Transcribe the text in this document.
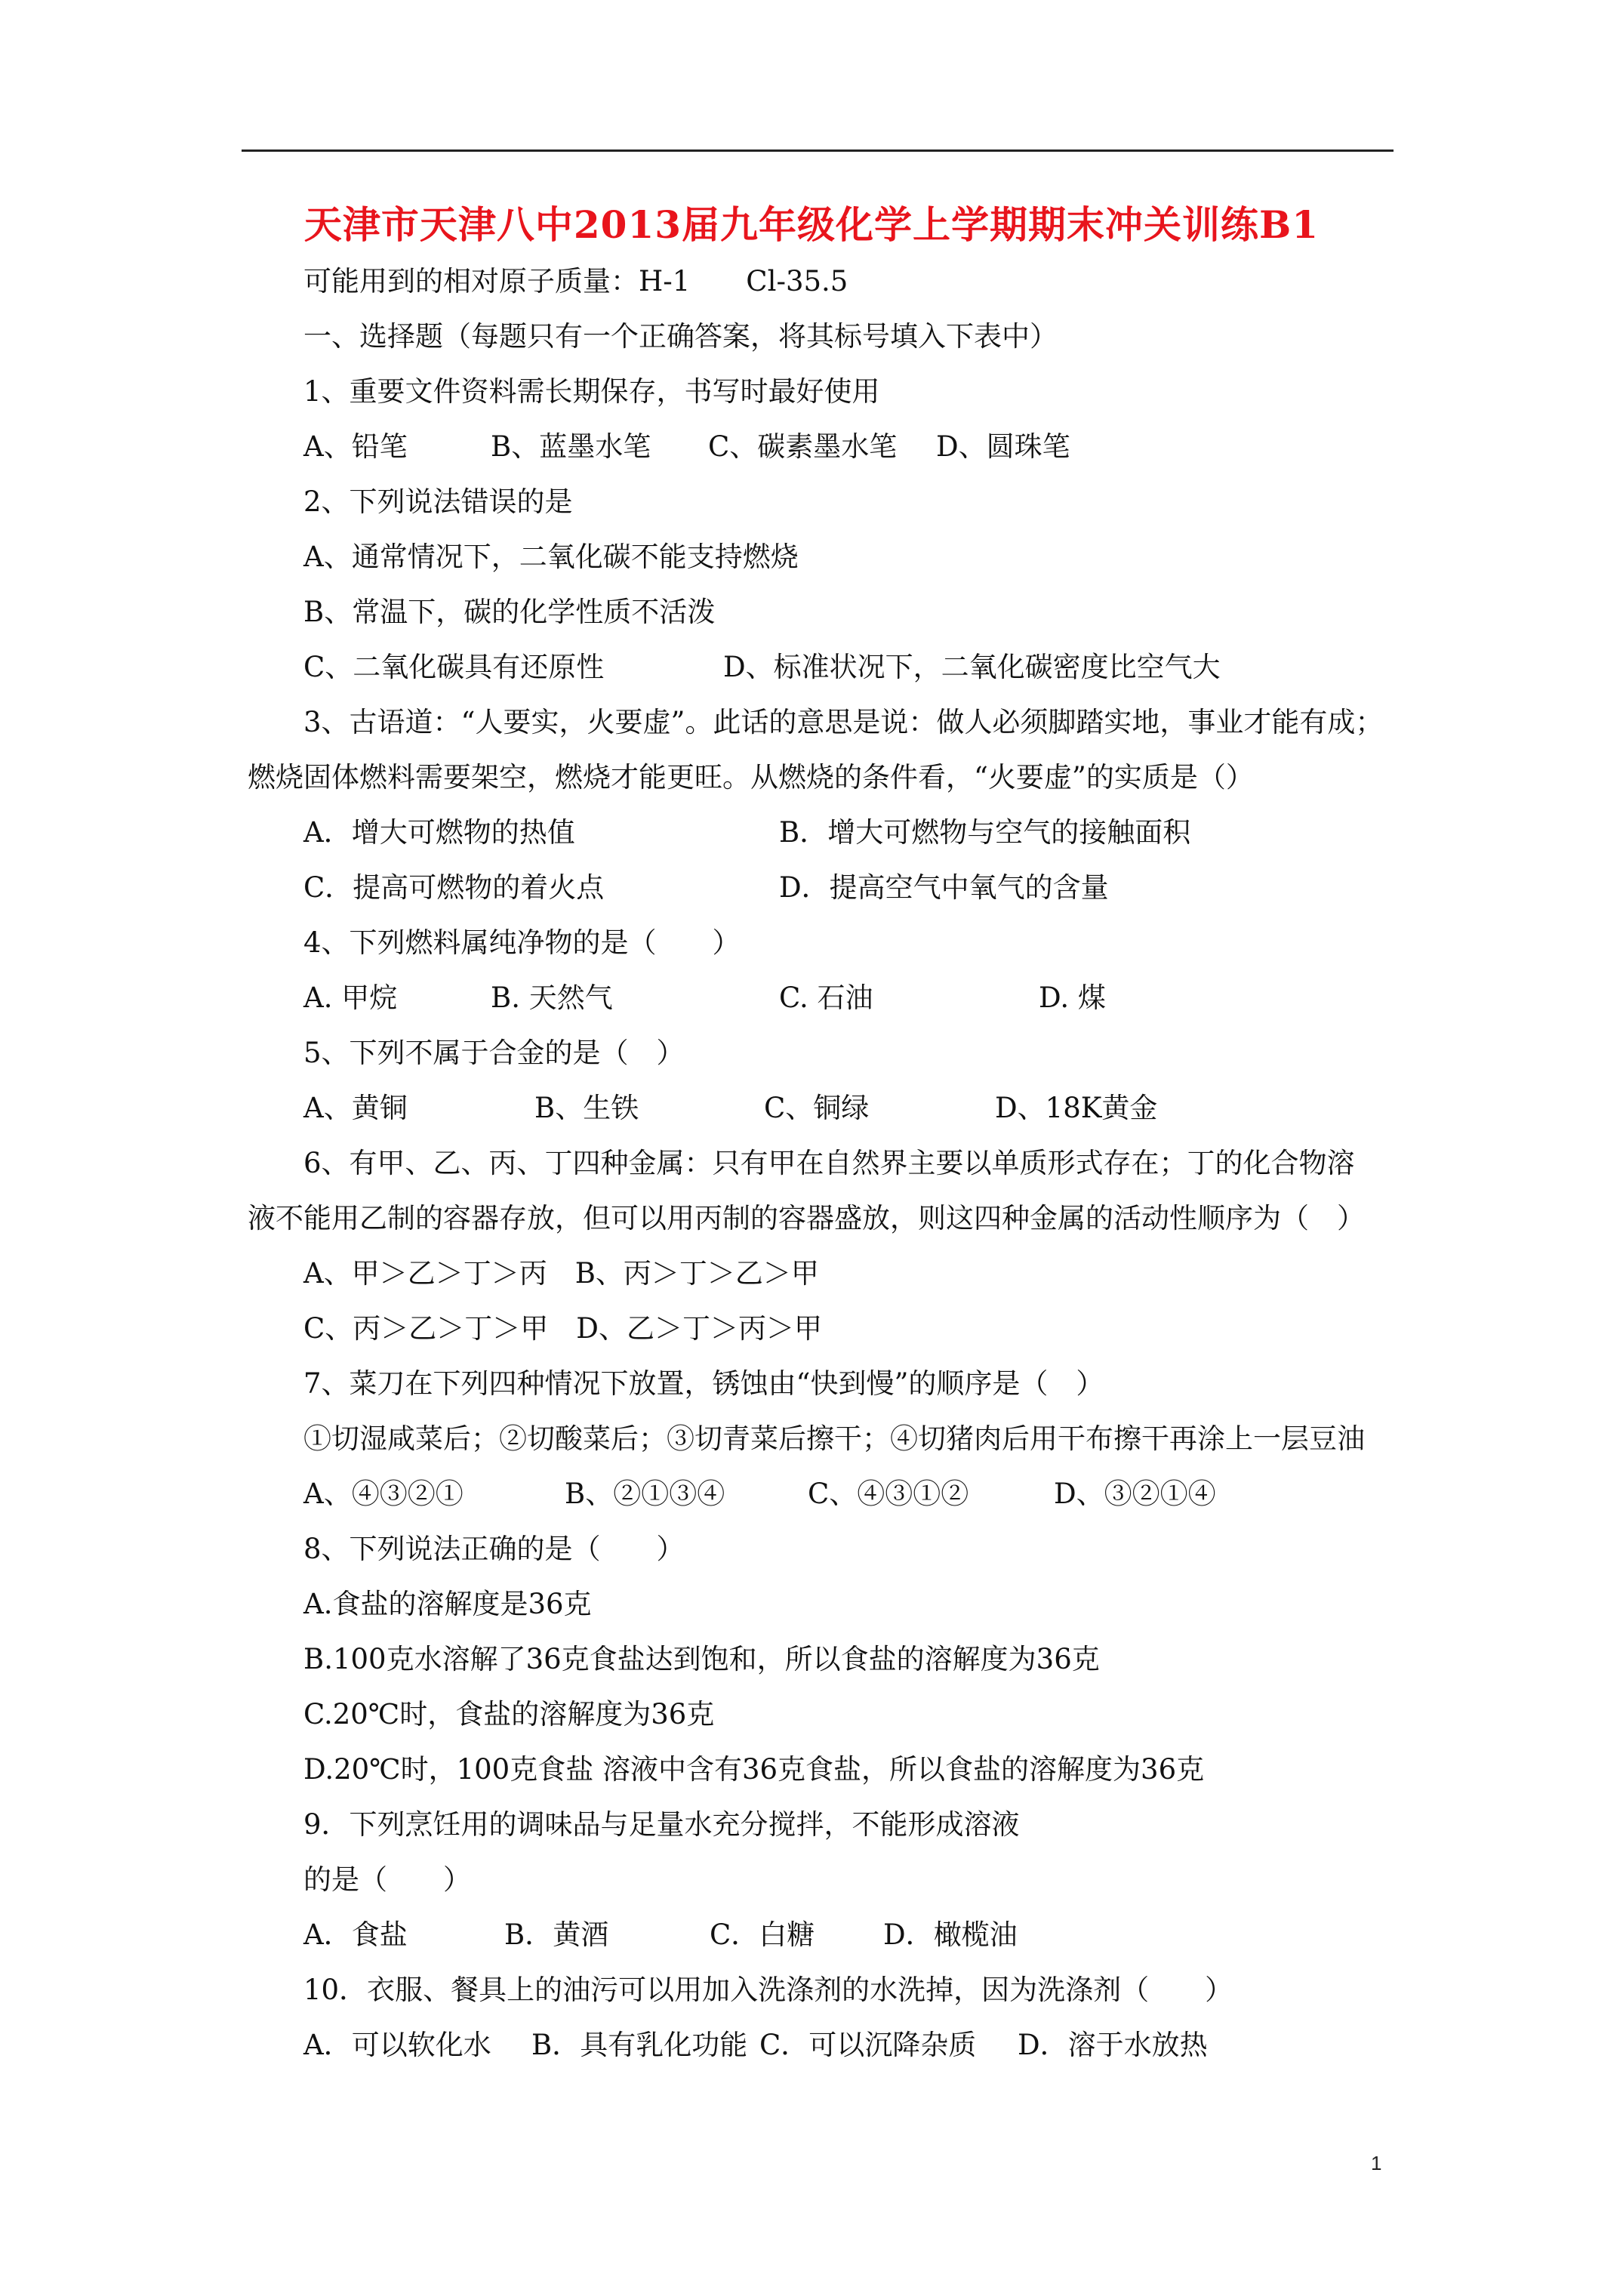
天津市天津八中2013届九年级化学上学期期末冲关训练B1
可能用到的相对原子质量：H-1　　Cl-35.5
一、选择题（每题只有一个正确答案，将其标号填入下表中）
1、重要文件资料需长期保存，书写时最好使用
A、铅笔	B、蓝墨水笔 C、碳素墨水笔 D、圆珠笔
2、下列说法错误的是
A、通常情况下，二氧化碳不能支持燃烧
B、常温下，碳的化学性质不活泼
C、二氧化碳具有还原性	D、标准状况下，二氧化碳密度比空气大
3、古语道：“人要实，火要虚”。此话的意思是说：做人必须脚踏实地，事业才能有成；
燃烧固体燃料需要架空，燃烧才能更旺。从燃烧的条件看，“火要虚”的实质是（）
A．增大可燃物的热值	B．增大可燃物与空气的接触面积
C．提高可燃物的着火点	D．提高空气中氧气的含量
4、下列燃料属纯净物的是（　　）
A. 甲烷	B. 天然气	C. 石油	D. 煤
5、下列不属于合金的是（　）
A、黄铜	B、生铁	C、铜绿	D、18K黄金
6、有甲、乙、丙、丁四种金属：只有甲在自然界主要以单质形式存在；丁的化合物溶
液不能用乙制的容器存放，但可以用丙制的容器盛放，则这四种金属的活动性顺序为（　）
A、甲＞乙＞丁＞丙　B、丙＞丁＞乙＞甲
C、丙＞乙＞丁＞甲　D、乙＞丁＞丙＞甲
7、菜刀在下列四种情况下放置，锈蚀由“快到慢”的顺序是（　）
①切湿咸菜后；②切酸菜后；③切青菜后擦干；④切猪肉后用干布擦干再涂上一层豆油
A、④③②①	B、②①③④	C、④③①②	D、③②①④
8、下列说法正确的是（　　）
A.食盐的溶解度是36克
B.100克水溶解了36克食盐达到饱和，所以食盐的溶解度为36克
C.20℃时，食盐的溶解度为36克
D.20℃时，100克食盐 溶液中含有36克食盐，所以食盐的溶解度为36克
9．下列烹饪用的调味品与足量水充分搅拌，不能形成溶液
的是（　　）
A．食盐	B．黄酒	C．白糖 D．橄榄油
10．衣服、餐具上的油污可以用加入洗涤剂的水洗掉，因为洗涤剂（　　）
A．可以软化水 B．具有乳化功能 C．可以沉降杂质 D．溶于水放热
1
